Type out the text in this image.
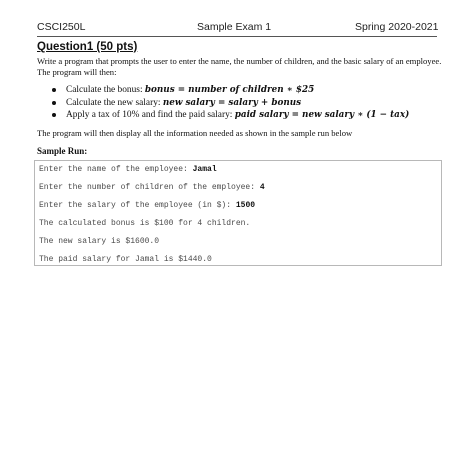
CSCI250L	Sample Exam 1	Spring 2020-2021
Question1 (50 pts)
Write a program that prompts the user to enter the name, the number of children, and the basic salary of an employee. The program will then:
Calculate the bonus: bonus = number of children ∗ $25
Calculate the new salary: new salary = salary + bonus
Apply a tax of 10% and find the paid salary: paid salary = new salary ∗ (1 − tax)
The program will then display all the information needed as shown in the sample run below
Sample Run:
Enter the name of the employee: Jamal
Enter the number of children of the employee: 4
Enter the salary of the employee (in $): 1500
The calculated bonus is $100 for 4 children.
The new salary is $1600.0
The paid salary for Jamal is $1440.0
